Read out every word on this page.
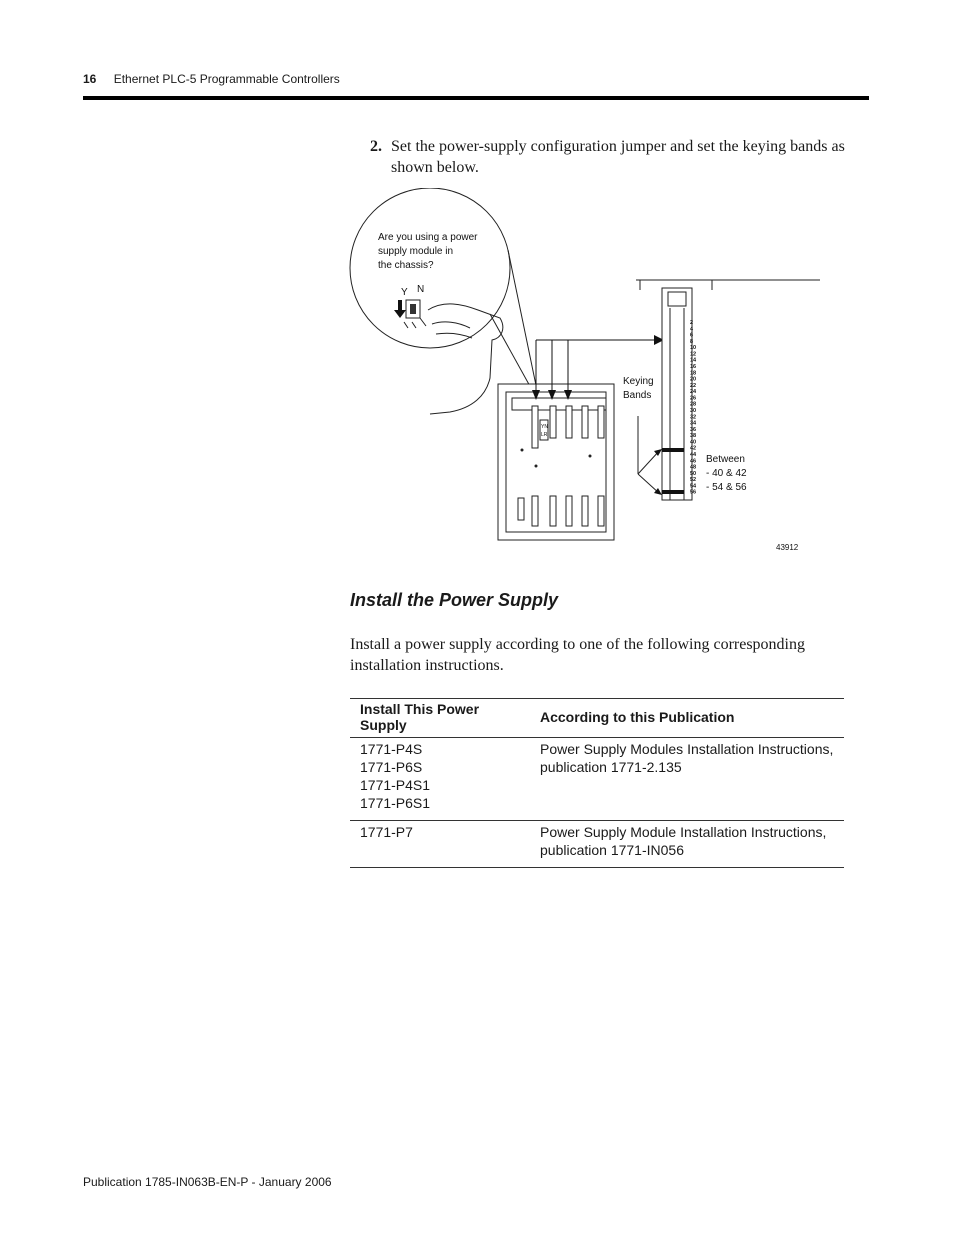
16 Ethernet PLC-5 Programmable Controllers
2. Set the power-supply configuration jumper and set the keying bands as shown below.
Are you using a power
supply module in
the chassis?
Y N
YN
LR
2
4
6
8
10
12
14
16
18
20
22
24
26
28
30
32
34
36
38
40
42
44
46
48
50
52
54
56
Keying
Bands
Between
- 40 & 42
- 54 & 56
43912
Install the Power Supply
Install a power supply according to one of the following corresponding installation instructions.
Install This Power Supply	According to this Publication

1771-P4S
1771-P6S
1771-P4S1
1771-P6S1	Power Supply Modules Installation Instructions,
publication 1771-2.135

1771-P7	Power Supply Module Installation Instructions,
publication 1771-IN056
Publication 1785-IN063B-EN-P - January 2006
